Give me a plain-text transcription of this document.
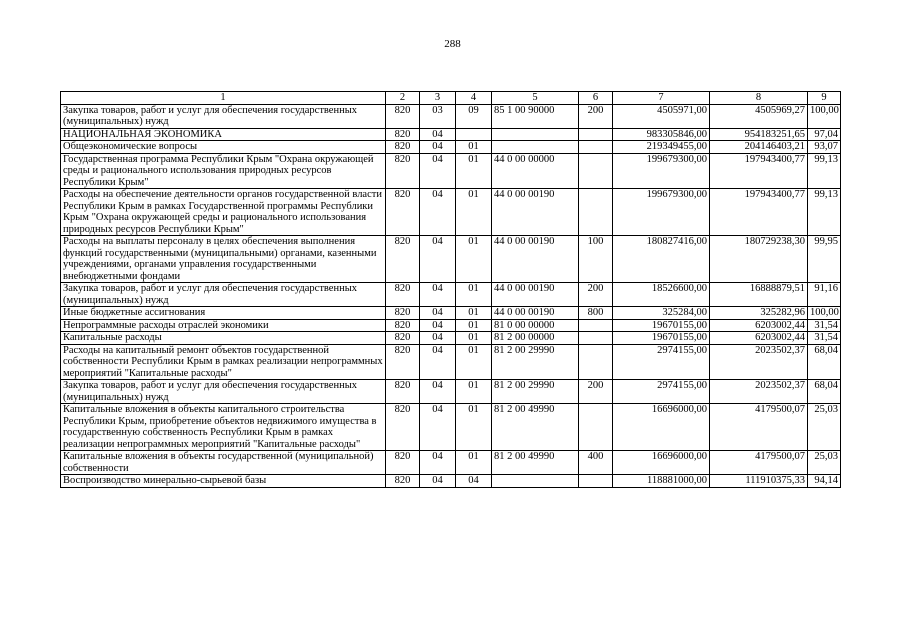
288
1	2	3	4	5	6	7	8	9
Закупка товаров, работ и услуг для обеспечения государственных (муниципальных) нужд	820	03	09	85 1 00 90000	200	4505971,00	4505969,27	100,00
НАЦИОНАЛЬНАЯ ЭКОНОМИКА	820	04				983305846,00	954183251,65	97,04
Общеэкономические вопросы	820	04	01			219349455,00	204146403,21	93,07
Государственная программа Республики Крым "Охрана окружающей среды и рационального использования природных ресурсов Республики Крым"	820	04	01	44 0 00 00000		199679300,00	197943400,77	99,13
Расходы на обеспечение деятельности органов государственной власти Республики Крым в рамках Государственной программы Республики Крым "Охрана окружающей среды и рационального использования природных ресурсов Республики Крым"	820	04	01	44 0 00 00190		199679300,00	197943400,77	99,13
Расходы на выплаты персоналу в целях обеспечения выполнения функций государственными (муниципальными) органами, казенными учреждениями, органами управления государственными внебюджетными фондами	820	04	01	44 0 00 00190	100	180827416,00	180729238,30	99,95
Закупка товаров, работ и услуг для обеспечения государственных (муниципальных) нужд	820	04	01	44 0 00 00190	200	18526600,00	16888879,51	91,16
Иные бюджетные ассигнования	820	04	01	44 0 00 00190	800	325284,00	325282,96	100,00
Непрограммные расходы отраслей экономики	820	04	01	81 0 00 00000		19670155,00	6203002,44	31,54
Капитальные расходы	820	04	01	81 2 00 00000		19670155,00	6203002,44	31,54
Расходы на капитальный ремонт объектов государственной собственности Республики Крым в рамках реализации непрограммных мероприятий "Капитальные расходы"	820	04	01	81 2 00 29990		2974155,00	2023502,37	68,04
Закупка товаров, работ и услуг для обеспечения государственных (муниципальных) нужд	820	04	01	81 2 00 29990	200	2974155,00	2023502,37	68,04
Капитальные вложения в объекты капитального строительства Республики Крым, приобретение объектов недвижимого имущества в государственную собственность Республики Крым в рамках реализации непрограммных мероприятий "Капитальные расходы"	820	04	01	81 2 00 49990		16696000,00	4179500,07	25,03
Капитальные вложения в объекты государственной (муниципальной) собственности	820	04	01	81 2 00 49990	400	16696000,00	4179500,07	25,03
Воспроизводство минерально-сырьевой базы	820	04	04			118881000,00	111910375,33	94,14
